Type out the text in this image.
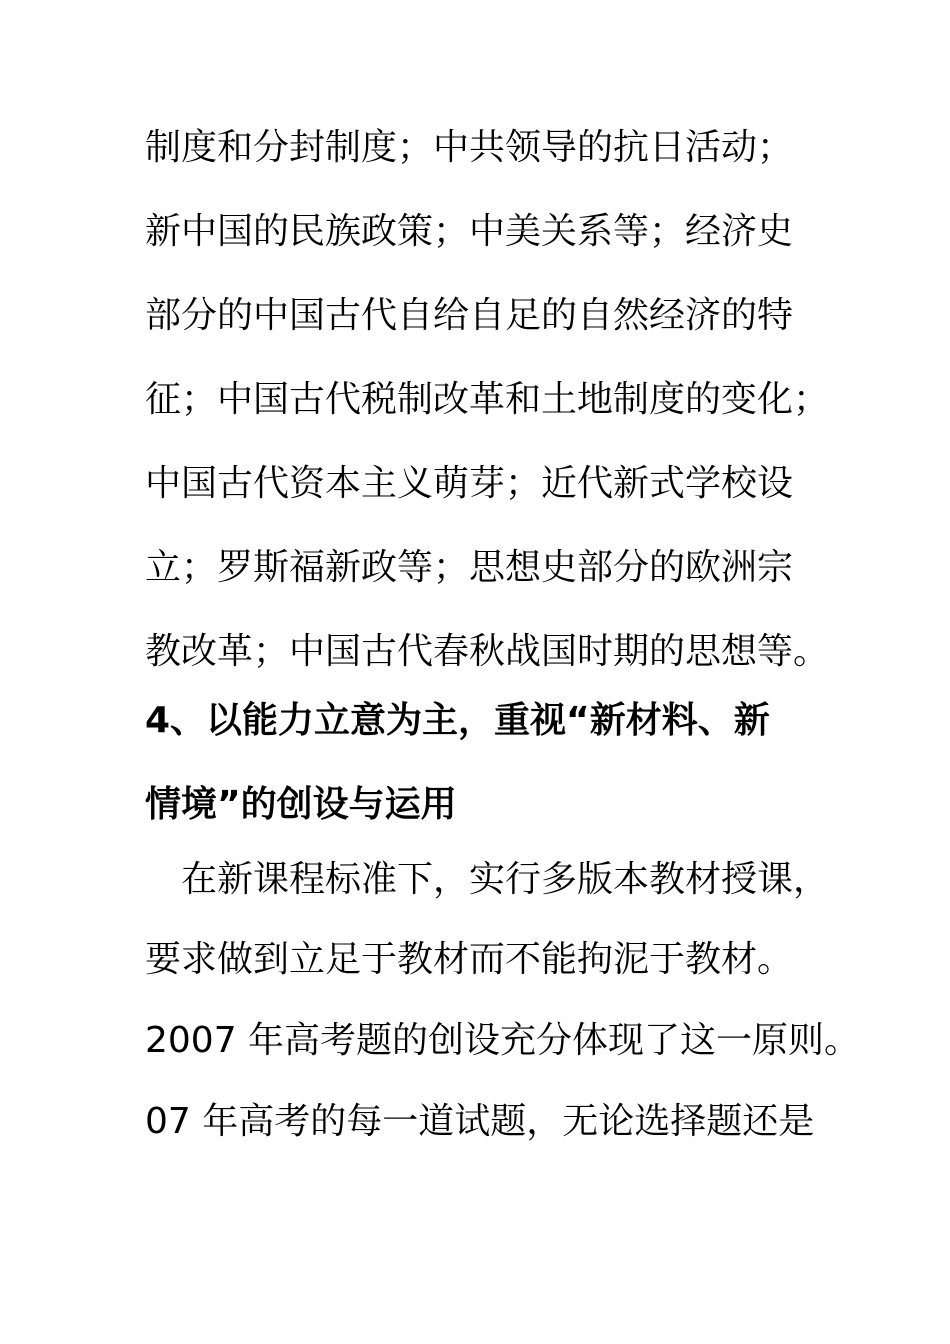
制度和分封制度；中共领导的抗日活动；
新中国的民族政策；中美关系等；经济史
部分的中国古代自给自足的自然经济的特
征；中国古代税制改革和土地制度的变化；
中国古代资本主义萌芽；近代新式学校设
立；罗斯福新政等；思想史部分的欧洲宗
教改革；中国古代春秋战国时期的思想等。
4、以能力立意为主，重视“新材料、新
情境”的创设与运用
　在新课程标准下，实行多版本教材授课，
要求做到立足于教材而不能拘泥于教材。
2007 年高考题的创设充分体现了这一原则。
07 年高考的每一道试题，无论选择题还是
